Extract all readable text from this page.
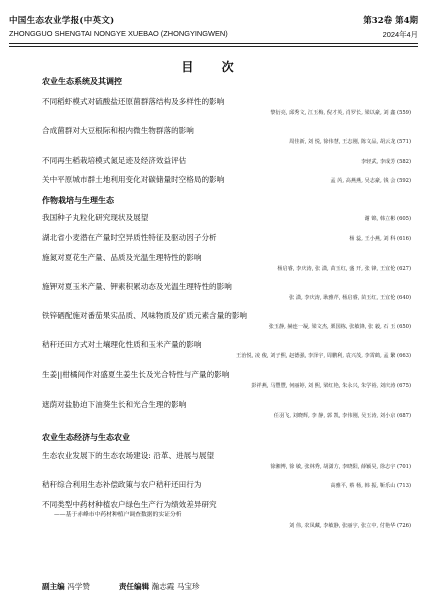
中国生态农业学报(中英文)
ZHONGGUO SHENGTAI NONGYE XUEBAO (ZHONGYINGWEN)
第32卷 第4期
2024年4月
目 次
农业生态系统及其调控
不同稻虾模式对硫酸盐还原菌群落结构及多样性的影响
黎衍亮, 邱秀文, 江玉梅, 倪才英, 肖罗长, 梁以豪, 刘 鑫 (559)
合成菌群对大豆根际和根内微生物群落的影响
周佳新, 刘 悦, 徐伟慧, 王志刚, 陈文品, 胡云龙 (571)
不同再生稻栽培模式氮足迹及经济效益评估	李轻武, 李成芳 (582)
关中平原城市群土地利用变化对碳储量时空格局的影响	孟 芮, 高燕燕, 吴志豪, 钱 会 (592)
作物栽培与生理生态
我国种子丸粒化研究现状及展望	谢 锦, 韩立彬 (605)
湖北省小麦潜在产量时空异质性特征及驱动因子分析	杨 蕊, 王小燕, 刘 科 (616)
施氮对夏花生产量、品质及光温生理特性的影响
杨启睿, 李庆涛, 张 潇, 苗玉红, 盛 开, 张 锋, 王宜伦 (627)
施钾对夏玉米产量、钾素积累动态及光温生理特性的影响
张 潇, 李庆涛, 耿雅芹, 杨启睿, 苗玉红, 王宜伦 (640)
铁锌硒配施对番茄果实品质、风味物质及矿质元素含量的影响
张玉静, 赫连一凝, 梁文杰, 栗国栋, 张敏锋, 张 毅, 石 玉 (650)
秸秆还田方式对土壤理化性质和玉米产量的影响
王治悦, 凌 俊, 刘子熙, 赵德强, 李泽宇, 周鹏利, 袁兴茂, 李霄鹤, 孟 繁 (663)
生姜||柑橘间作对盛夏生姜生长及光合特性与产量的影响
彭祥燕, 马豐豐, 何丽婷, 刘 熙, 梁红艳, 朱永兴, 朱学裕, 刘庆涛 (675)
遮荫对盐胁迫下油葵生长和光合生理的影响
任羽飞, 刘晓辉, 李 静, 郭 凯, 李伟刚, 吴玉涛, 刘小京 (687)
农业生态经济与生态农业
生态农业发展下的生态农场建设: 沿革、进展与展望
徐湘博, 徐 敏, 张林秀, 胡潇方, 李晓阳, 薛颖昊, 徐志宇 (701)
秸秆综合利用生态补偿政策与农户秸秆还田行为	高雅平, 蔡 杨, 韩 振, 靳乐山 (713)
不同类型中药材种植农户绿色生产行为绩效差异研究
——基于赤峰市中药材种植户调查数据的实证分析
刘 伟, 农凤藏, 李敏静, 张丽宇, 张立中, 付艳华 (726)
副主编 冯学赞	责任编辑 瀚志霞 马宝珍
